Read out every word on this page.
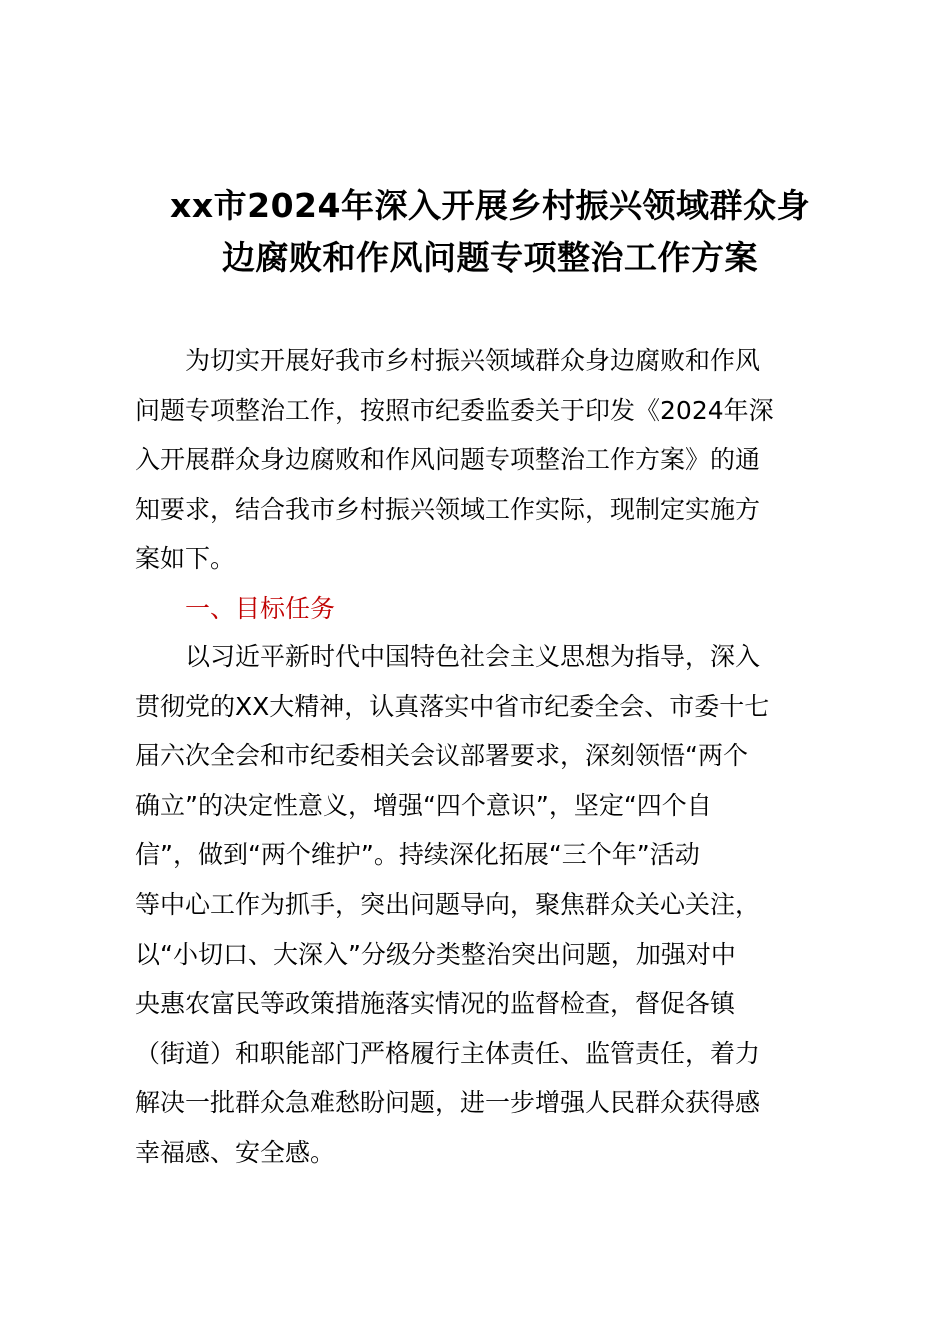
xx市2024年深入开展乡村振兴领域群众身
边腐败和作风问题专项整治工作方案
为切实开展好我市乡村振兴领域群众身边腐败和作风
问题专项整治工作，按照市纪委监委关于印发《2024年深
入开展群众身边腐败和作风问题专项整治工作方案》的通
知要求，结合我市乡村振兴领域工作实际，现制定实施方
案如下。
一、目标任务
以习近平新时代中国特色社会主义思想为指导，深入
贯彻党的XX大精神，认真落实中省市纪委全会、市委十七
届六次全会和市纪委相关会议部署要求，深刻领悟“两个
确立”的决定性意义，增强“四个意识”，坚定“四个自
信”，做到“两个维护”。持续深化拓展“三个年”活动
等中心工作为抓手，突出问题导向，聚焦群众关心关注，
以“小切口、大深入”分级分类整治突出问题，加强对中
央惠农富民等政策措施落实情况的监督检查，督促各镇
（街道）和职能部门严格履行主体责任、监管责任，着力
解决一批群众急难愁盼问题，进一步增强人民群众获得感
幸福感、安全感。
